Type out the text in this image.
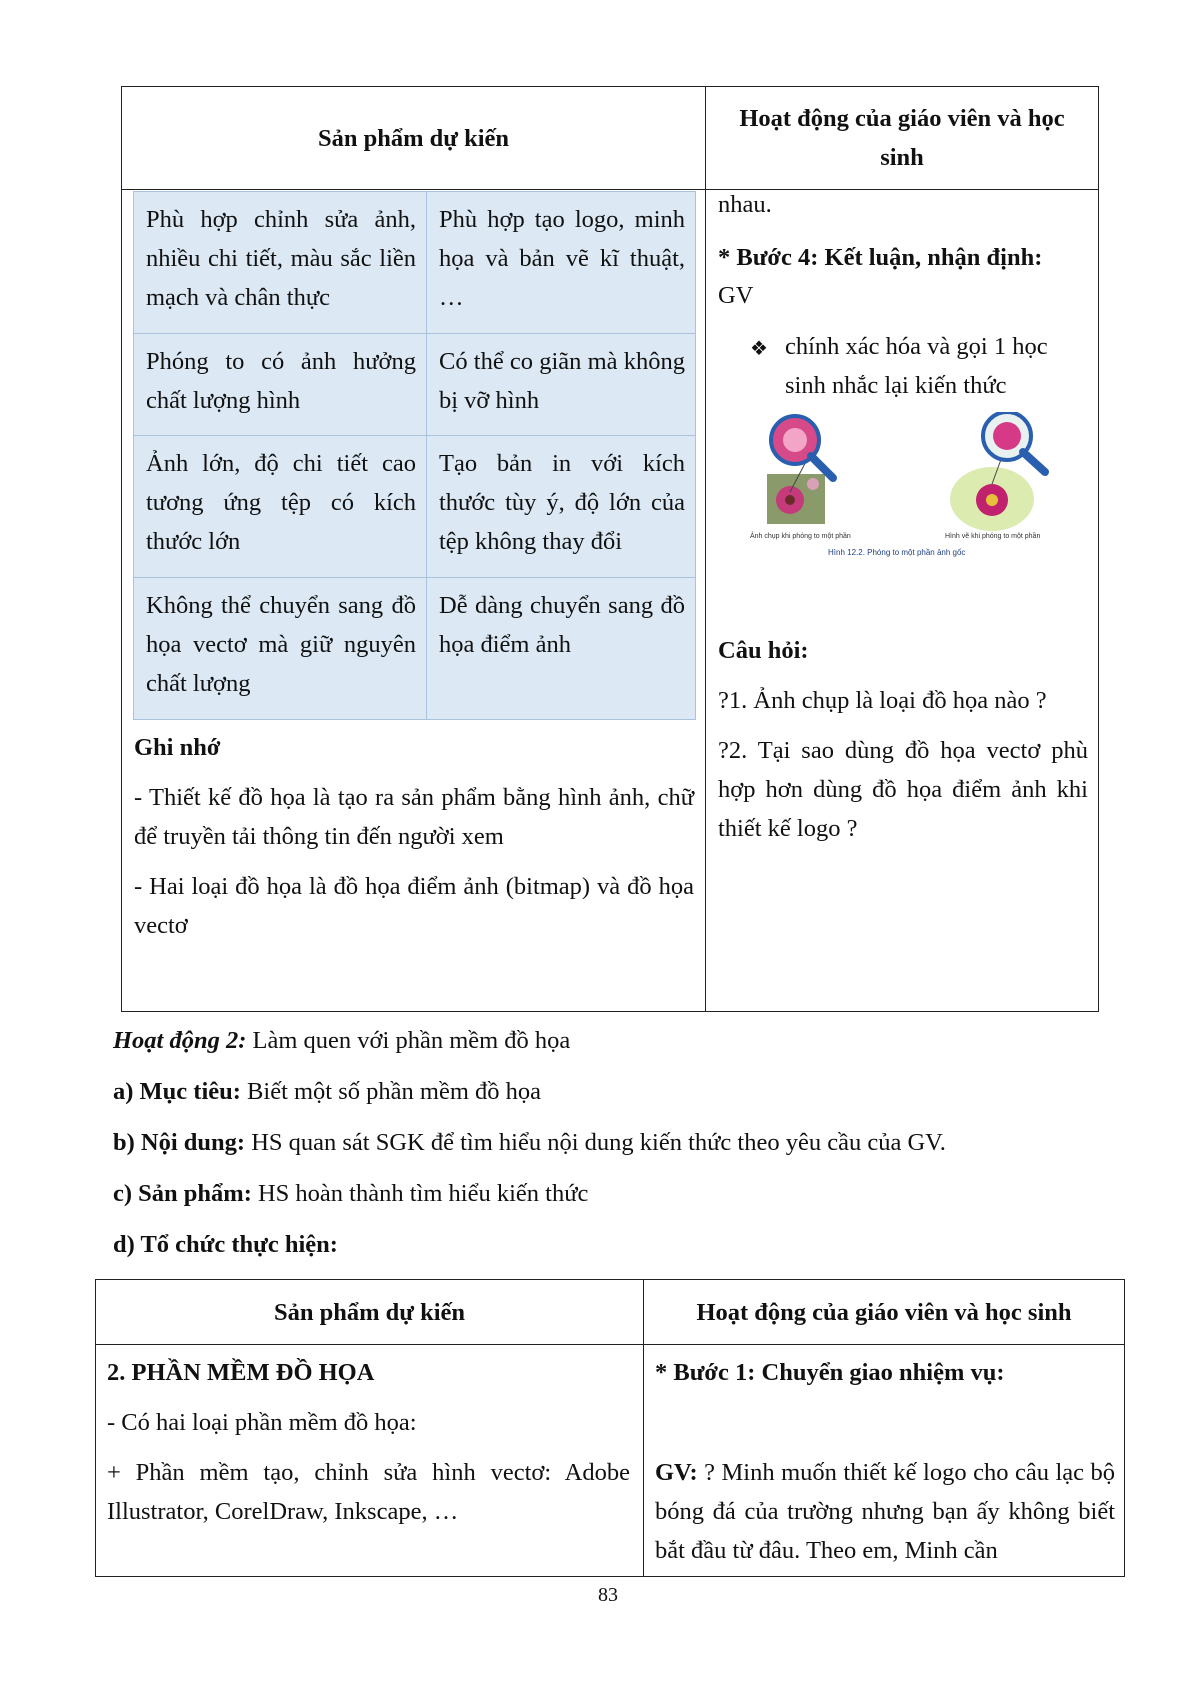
Sản phẩm dự kiến	Hoạt động của giáo viên và học sinh

Phù hợp chỉnh sửa ảnh, nhiều chi tiết, màu sắc liền mạch và chân thực	Phù hợp tạo logo, minh họa và bản vẽ kĩ thuật, …
Phóng to có ảnh hưởng chất lượng hình	Có thể co giãn mà không bị vỡ hình
Ảnh lớn, độ chi tiết cao tương ứng tệp có kích thước lớn	Tạo bản in với kích thước tùy ý, độ lớn của tệp không thay đổi
Không thể chuyển sang đồ họa vectơ mà giữ nguyên chất lượng	Dễ dàng chuyển sang đồ họa điểm ảnh
Ghi nhớ
- Thiết kế đồ họa là tạo ra sản phẩm bằng hình ảnh, chữ để truyền tải thông tin đến người xem
- Hai loại đồ họa là đồ họa điểm ảnh (bitmap) và đồ họa vectơ
nhau.
* Bước 4: Kết luận, nhận định:
GV
❖ chính xác hóa và gọi 1 học sinh nhắc lại kiến thức
Ảnh chụp khi phóng to một phần	Hình vẽ khi phóng to một phần
Hình 12.2. Phóng to một phần ảnh gốc
Câu hỏi:
?1. Ảnh chụp là loại đồ họa nào ?
?2. Tại sao dùng đồ họa vectơ phù hợp hơn dùng đồ họa điểm ảnh khi thiết kế logo ?
Hoạt động 2: Làm quen với phần mềm đồ họa
a) Mục tiêu: Biết một số phần mềm đồ họa
b) Nội dung: HS quan sát SGK để tìm hiểu nội dung kiến thức theo yêu cầu của GV.
c) Sản phẩm: HS hoàn thành tìm hiểu kiến thức
d) Tổ chức thực hiện:
Sản phẩm dự kiến	Hoạt động của giáo viên và học sinh

2. PHẦN MỀM ĐỒ HỌA
- Có hai loại phần mềm đồ họa:
+ Phần mềm tạo, chỉnh sửa hình vectơ: Adobe Illustrator, CorelDraw, Inkscape, …
* Bước 1: Chuyển giao nhiệm vụ:
GV: ? Minh muốn thiết kế logo cho câu lạc bộ bóng đá của trường nhưng bạn ấy không biết bắt đầu từ đâu. Theo em, Minh cần
83
